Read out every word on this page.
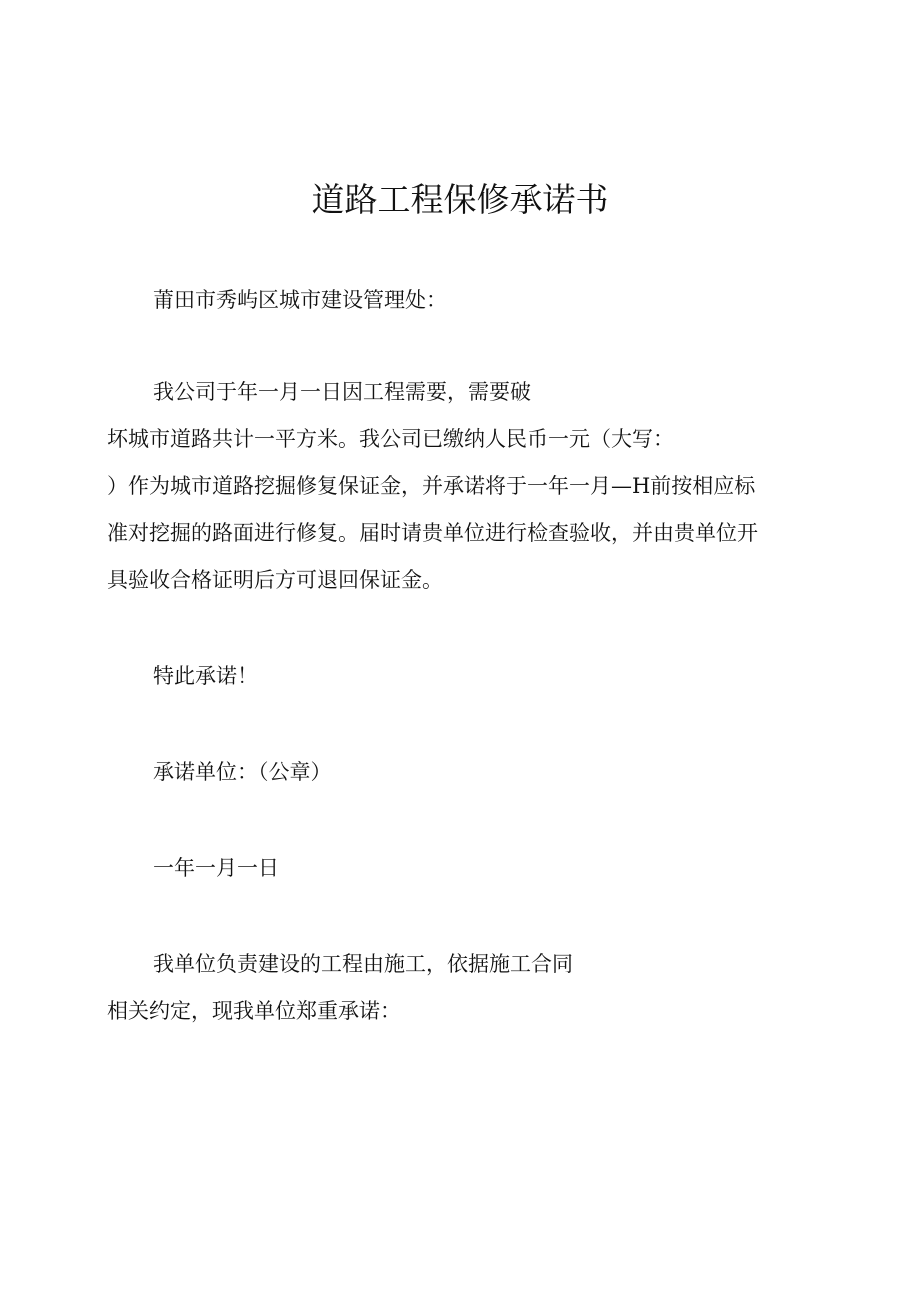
道路工程保修承诺书
莆田市秀屿区城市建设管理处：
我公司于年一月一日因工程需要，需要破
坏城市道路共计一平方米。我公司已缴纳人民币一元（大写：
）作为城市道路挖掘修复保证金，并承诺将于一年一月—H前按相应标
准对挖掘的路面进行修复。届时请贵单位进行检查验收，并由贵单位开
具验收合格证明后方可退回保证金。
特此承诺！
承诺单位：（公章）
一年一月一日
我单位负责建设的工程由施工，依据施工合同
相关约定，现我单位郑重承诺：
